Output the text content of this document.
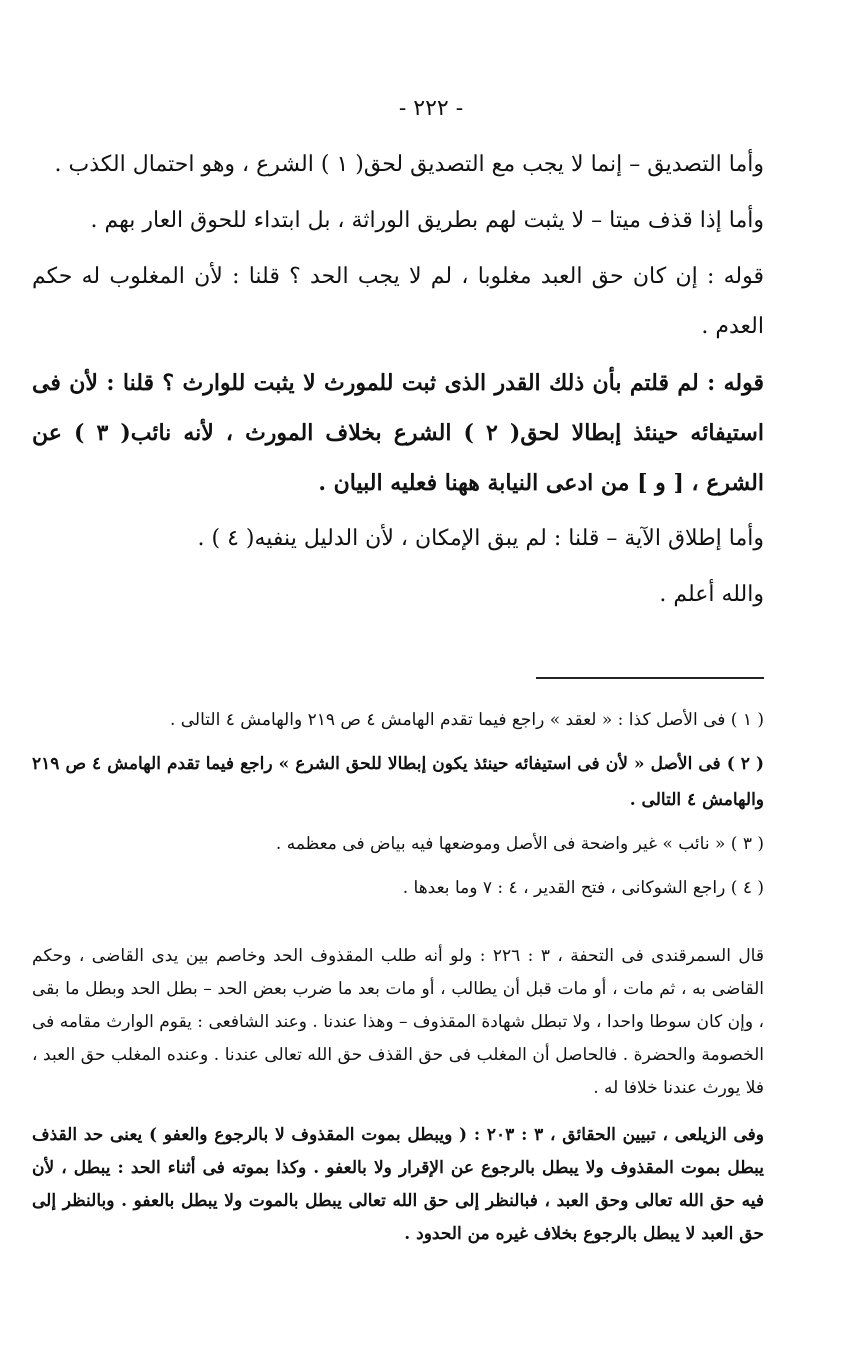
- ٢٢٢ -

وأما التصديق – إنما لا يجب مع التصديق لحق( ١ ) الشرع ، وهو احتمال الكذب .

وأما إذا قذف ميتا – لا يثبت لهم بطريق الوراثة ، بل ابتداء للحوق العار بهم .

قوله : إن كان حق العبد مغلوبا ، لم لا يجب الحد ؟ قلنا : لأن المغلوب له حكم العدم .

قوله : لم قلتم بأن ذلك القدر الذى ثبت للمورث لا يثبت للوارث ؟ قلنا : لأن فى استيفائه حينئذ إبطالا لحق( ٢ ) الشرع بخلاف المورث ، لأنه نائب( ٣ ) عن الشرع ، [ و ] من ادعى النيابة ههنا فعليه البيان .

وأما إطلاق الآية – قلنا : لم يبق الإمكان ، لأن الدليل ينفيه( ٤ ) .

والله أعلم .

( ١ ) فى الأصل كذا : « لعقد » راجع فيما تقدم الهامش ٤ ص ٢١٩ والهامش ٤ التالى .

( ٢ ) فى الأصل « لأن فى استيفائه حينئذ يكون إبطالا للحق الشرع » راجع فيما تقدم الهامش ٤ ص ٢١٩ والهامش ٤ التالى .

( ٣ ) « نائب » غير واضحة فى الأصل وموضعها فيه بياض فى معظمه .

( ٤ ) راجع الشوكانى ، فتح القدير ، ٤ : ٧ وما بعدها .

قال السمرقندى فى التحفة ، ٣ : ٢٢٦ : ولو أنه طلب المقذوف الحد وخاصم بين يدى القاضى ، وحكم القاضى به ، ثم مات ، أو مات قبل أن يطالب ، أو مات بعد ما ضرب بعض الحد – بطل الحد وبطل ما بقى ، وإن كان سوطا واحدا ، ولا تبطل شهادة المقذوف – وهذا عندنا . وعند الشافعى : يقوم الوارث مقامه فى الخصومة والحضرة . فالحاصل أن المغلب فى حق القذف حق الله تعالى عندنا . وعنده المغلب حق العبد ، فلا يورث عندنا خلافا له .

وفى الزيلعى ، تبيين الحقائق ، ٣ : ٢٠٣ : ( ويبطل بموت المقذوف لا بالرجوع والعفو ) يعنى حد القذف يبطل بموت المقذوف ولا يبطل بالرجوع عن الإقرار ولا بالعفو . وكذا بموته فى أثناء الحد : يبطل ، لأن فيه حق الله تعالى وحق العبد ، فبالنظر إلى حق الله تعالى يبطل بالموت ولا يبطل بالعفو . وبالنظر إلى حق العبد لا يبطل بالرجوع بخلاف غيره من الحدود .
